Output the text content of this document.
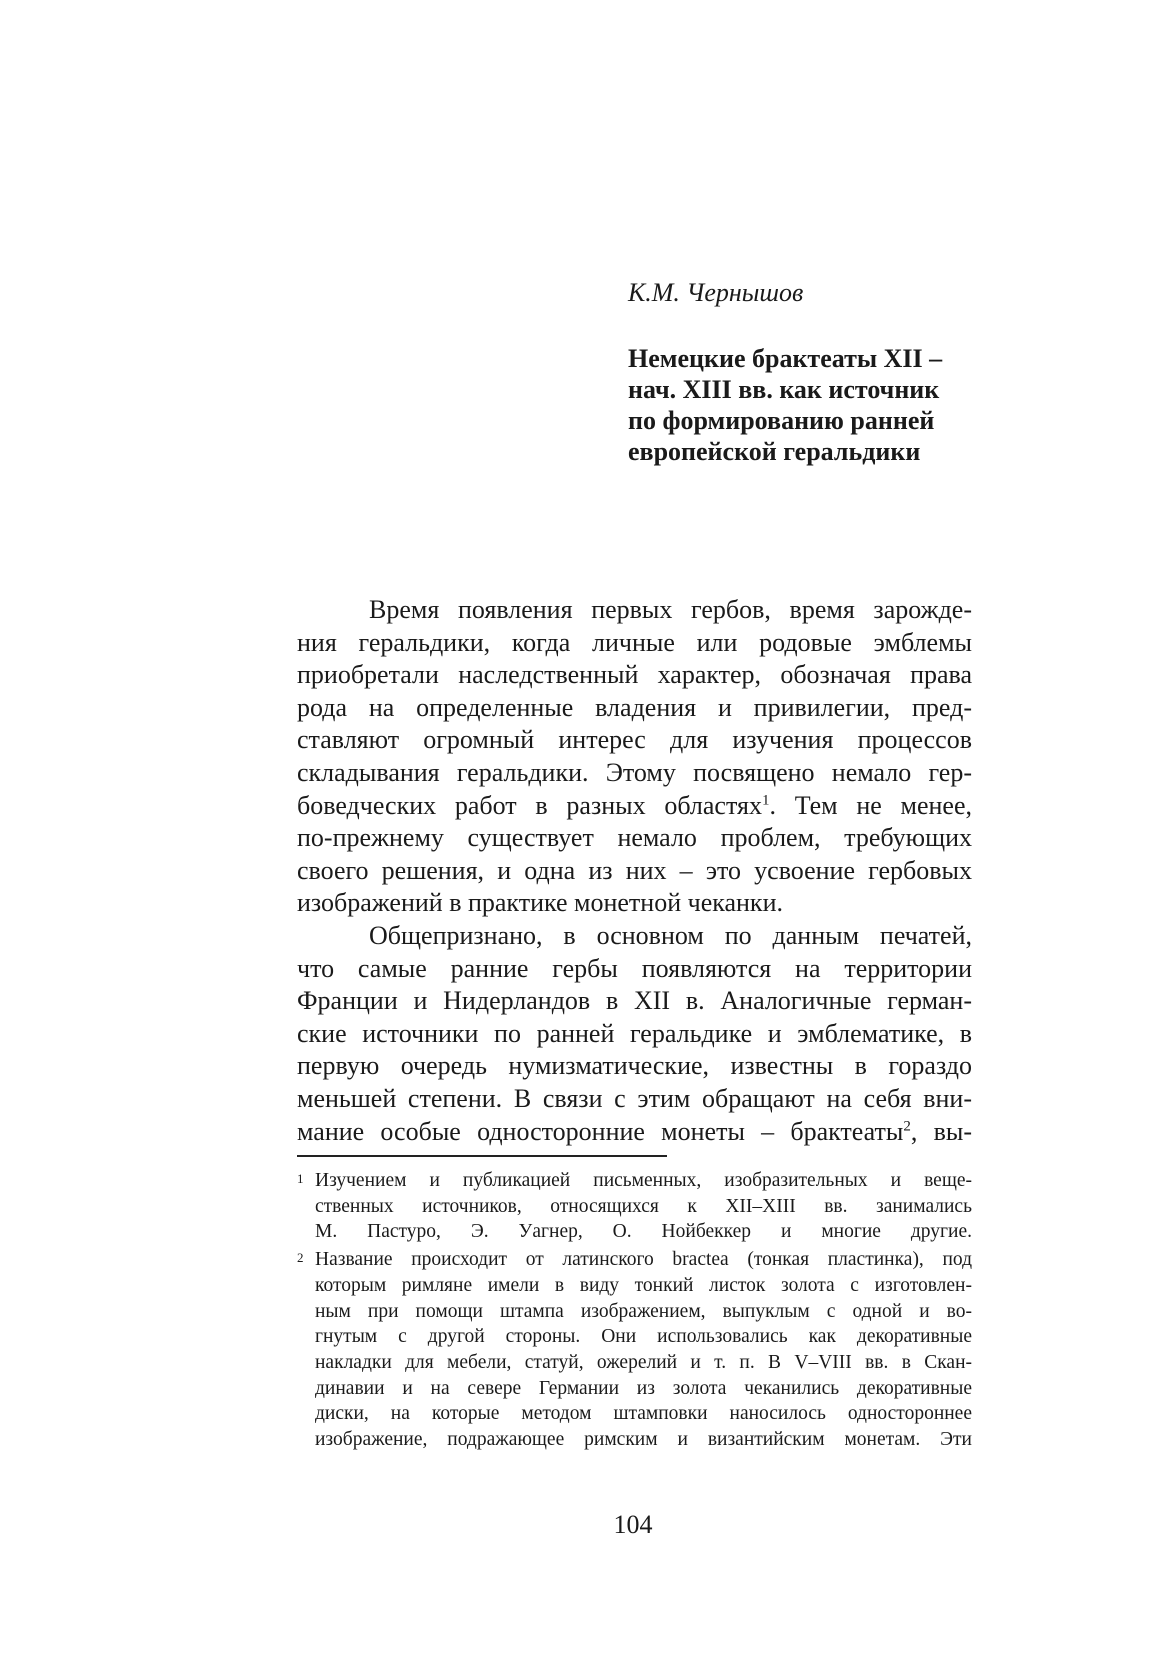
К.М. Чернышов
Немецкие брактеаты XII –
нач. XIII вв. как источник
по формированию ранней
европейской геральдики
Время появления первых гербов, время зарожде-
ния геральдики, когда личные или родовые эмблемы
приобретали наследственный характер, обозначая права
рода на определенные владения и привилегии, пред-
ставляют огромный интерес для изучения процессов
складывания геральдики. Этому посвящено немало гер-
боведческих работ в разных областях$^1$. Тем не менее,
по-прежнему существует немало проблем, требующих
своего решения, и одна из них – это усвоение гербовых
изображений в практике монетной чеканки.
Общепризнано, в основном по данным печатей,
что самые ранние гербы появляются на территории
Франции и Нидерландов в XII в. Аналогичные герман-
ские источники по ранней геральдике и эмблематике, в
первую очередь нумизматические, известны в гораздо
меньшей степени. В связи с этим обращают на себя вни-
мание особые односторонние монеты – брактеаты$^2$, вы-
1 Изучением и публикацией письменных, изобразительных и веще-
ственных источников, относящихся к XII–XIII вв. занимались
М. Пастуро, Э. Уагнер, О. Нойбеккер и многие другие.
2 Название происходит от латинского bractea (тонкая пластинка), под
которым римляне имели в виду тонкий листок золота с изготовлен-
ным при помощи штампа изображением, выпуклым с одной и во-
гнутым с другой стороны. Они использовались как декоративные
накладки для мебели, статуй, ожерелий и т. п. В V–VIII вв. в Скан-
динавии и на севере Германии из золота чеканились декоративные
диски, на которые методом штамповки наносилось одностороннее
изображение, подражающее римским и византийским монетам. Эти
104
